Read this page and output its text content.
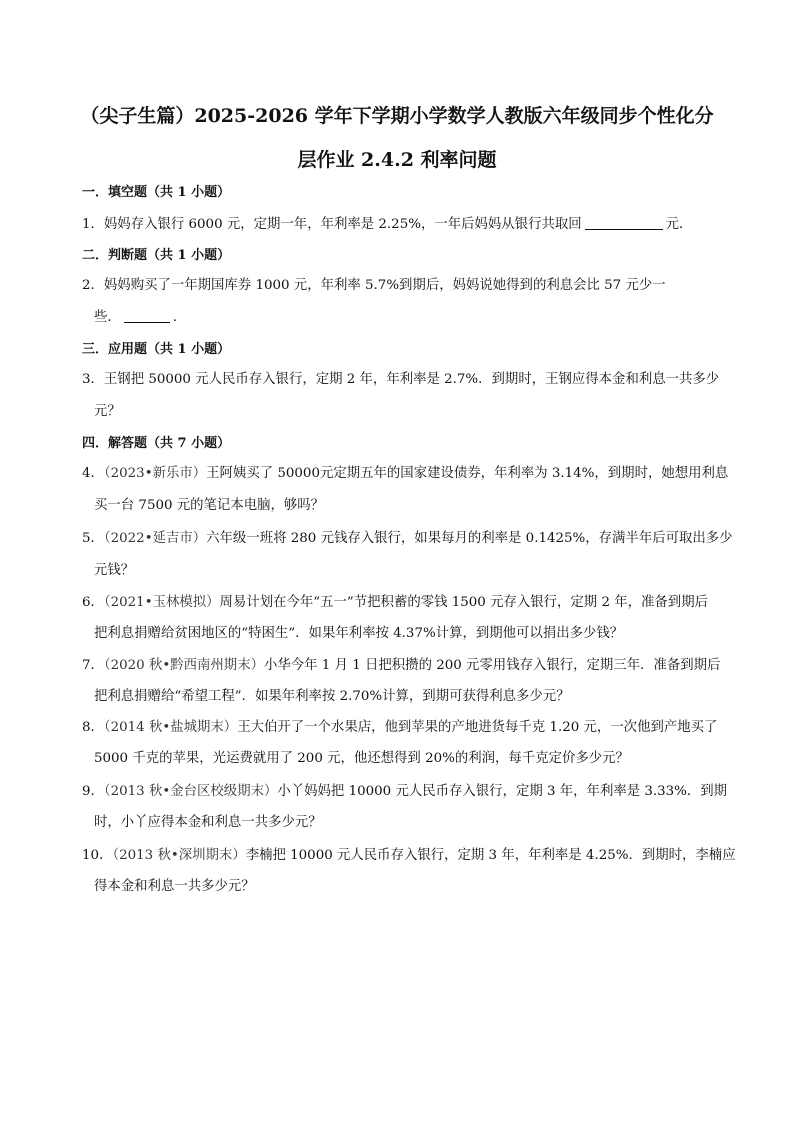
（尖子生篇）2025-2026 学年下学期小学数学人教版六年级同步个性化分
层作业 2.4.2 利率问题
一．填空题（共 1 小题）
1．妈妈存入银行 6000 元，定期一年，年利率是 2.25%，一年后妈妈从银行共取回	元．
二．判断题（共 1 小题）
2．妈妈购买了一年期国库券 1000 元，年利率 5.7%到期后，妈妈说她得到的利息会比 57 元少一
些．	．
三．应用题（共 1 小题）
3．王钢把 50000 元人民币存入银行，定期 2 年，年利率是 2.7%．到期时，王钢应得本金和利息一共多少
元？
四．解答题（共 7 小题）
4．（2023•新乐市）王阿姨买了 50000元定期五年的国家建设债券，年利率为 3.14%，到期时，她想用利息
买一台 7500 元的笔记本电脑，够吗？
5．（2022•延吉市）六年级一班将 280 元钱存入银行，如果每月的利率是 0.1425%，存满半年后可取出多少
元钱？
6．（2021•玉林模拟）周易计划在今年“五一”节把积蓄的零钱 1500 元存入银行，定期 2 年，准备到期后
把利息捐赠给贫困地区的“特困生”．如果年利率按 4.37%计算，到期他可以捐出多少钱？
7．（2020 秋•黔西南州期末）小华今年 1 月 1 日把积攒的 200 元零用钱存入银行，定期三年．准备到期后
把利息捐赠给“希望工程”．如果年利率按 2.70%计算，到期可获得利息多少元？
8．（2014 秋•盐城期末）王大伯开了一个水果店，他到苹果的产地进货每千克 1.20 元，一次他到产地买了
5000 千克的苹果，光运费就用了 200 元，他还想得到 20%的利润，每千克定价多少元？
9．（2013 秋•金台区校级期末）小丫妈妈把 10000 元人民币存入银行，定期 3 年，年利率是 3.33%．到期
时，小丫应得本金和利息一共多少元？
10．（2013 秋•深圳期末）李楠把 10000 元人民币存入银行，定期 3 年，年利率是 4.25%．到期时，李楠应
得本金和利息一共多少元？
